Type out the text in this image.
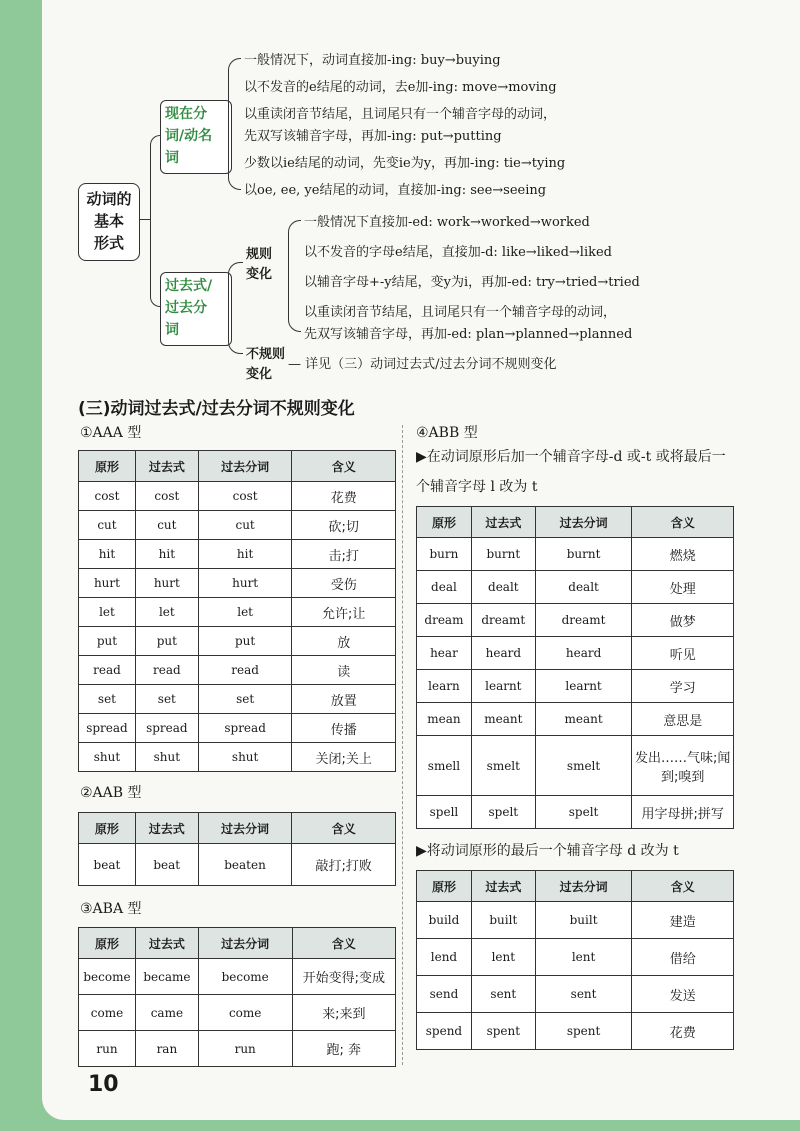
动词的
基本
形式
现在分
词/动名
词
一般情况下，动词直接加-ing: buy→buying
以不发音的e结尾的动词，去e加-ing: move→moving
以重读闭音节结尾，且词尾只有一个辅音字母的动词，
先双写该辅音字母，再加-ing: put→putting
少数以ie结尾的动词，先变ie为y，再加-ing: tie→tying
以oe, ee, ye结尾的动词，直接加-ing: see→seeing
过去式/
过去分
词
规则
变化
不规则
变化
一般情况下直接加-ed: work→worked→worked
以不发音的字母e结尾，直接加-d: like→liked→liked
以辅音字母+-y结尾，变y为i，再加-ed: try→tried→tried
以重读闭音节结尾，且词尾只有一个辅音字母的动词，
先双写该辅音字母，再加-ed: plan→planned→planned
— 详见（三）动词过去式/过去分词不规则变化
(三)动词过去式/过去分词不规则变化
①AAA 型
原形	过去式	过去分词	含义
cost	cost	cost	花费
cut	cut	cut	砍;切
hit	hit	hit	击;打
hurt	hurt	hurt	受伤
let	let	let	允许;让
put	put	put	放
read	read	read	读
set	set	set	放置
spread	spread	spread	传播
shut	shut	shut	关闭;关上
②AAB 型
原形	过去式	过去分词	含义
beat	beat	beaten	敲打;打败
③ABA 型
原形	过去式	过去分词	含义
become	became	become	开始变得;变成
come	came	come	来;来到
run	ran	run	跑; 奔
④ABB 型
▶在动词原形后加一个辅音字母-d 或-t 或将最后一个辅音字母 l 改为 t
原形	过去式	过去分词	含义
burn	burnt	burnt	燃烧
deal	dealt	dealt	处理
dream	dreamt	dreamt	做梦
hear	heard	heard	听见
learn	learnt	learnt	学习
mean	meant	meant	意思是
smell	smelt	smelt	发出……气味;闻到;嗅到
spell	spelt	spelt	用字母拼;拼写
▶将动词原形的最后一个辅音字母 d 改为 t
原形	过去式	过去分词	含义
build	built	built	建造
lend	lent	lent	借给
send	sent	sent	发送
spend	spent	spent	花费
10
